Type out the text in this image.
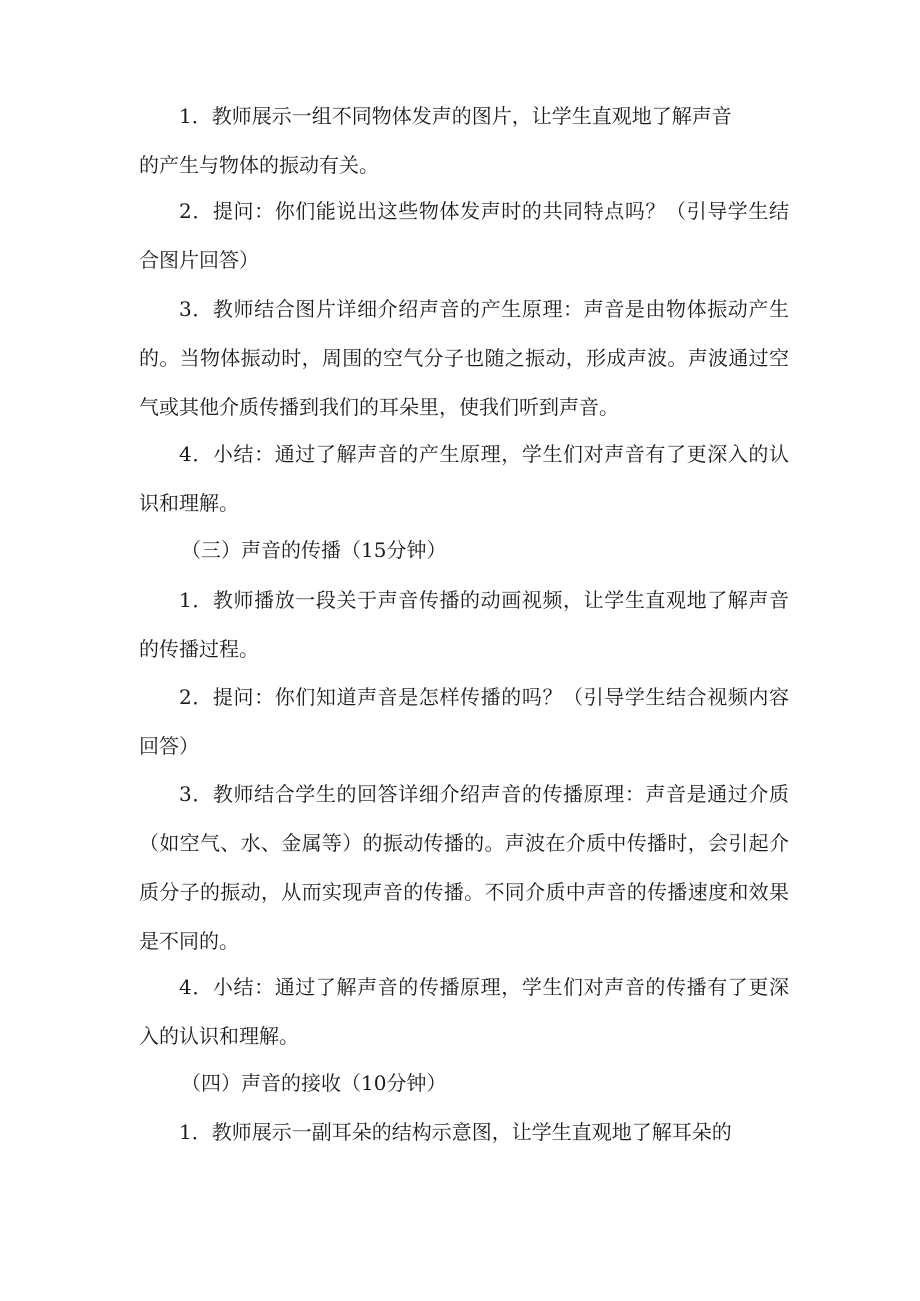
1．教师展示一组不同物体发声的图片，让学生直观地了解声音
的产生与物体的振动有关。
2．提问：你们能说出这些物体发声时的共同特点吗？（引导学生结
合图片回答）
3．教师结合图片详细介绍声音的产生原理：声音是由物体振动产生
的。当物体振动时，周围的空气分子也随之振动，形成声波。声波通过空
气或其他介质传播到我们的耳朵里，使我们听到声音。
4．小结：通过了解声音的产生原理，学生们对声音有了更深入的认
识和理解。
（三）声音的传播（15分钟）
1．教师播放一段关于声音传播的动画视频，让学生直观地了解声音
的传播过程。
2．提问：你们知道声音是怎样传播的吗？（引导学生结合视频内容
回答）
3．教师结合学生的回答详细介绍声音的传播原理：声音是通过介质
（如空气、水、金属等）的振动传播的。声波在介质中传播时，会引起介
质分子的振动，从而实现声音的传播。不同介质中声音的传播速度和效果
是不同的。
4．小结：通过了解声音的传播原理，学生们对声音的传播有了更深
入的认识和理解。
（四）声音的接收（10分钟）
1．教师展示一副耳朵的结构示意图，让学生直观地了解耳朵的
